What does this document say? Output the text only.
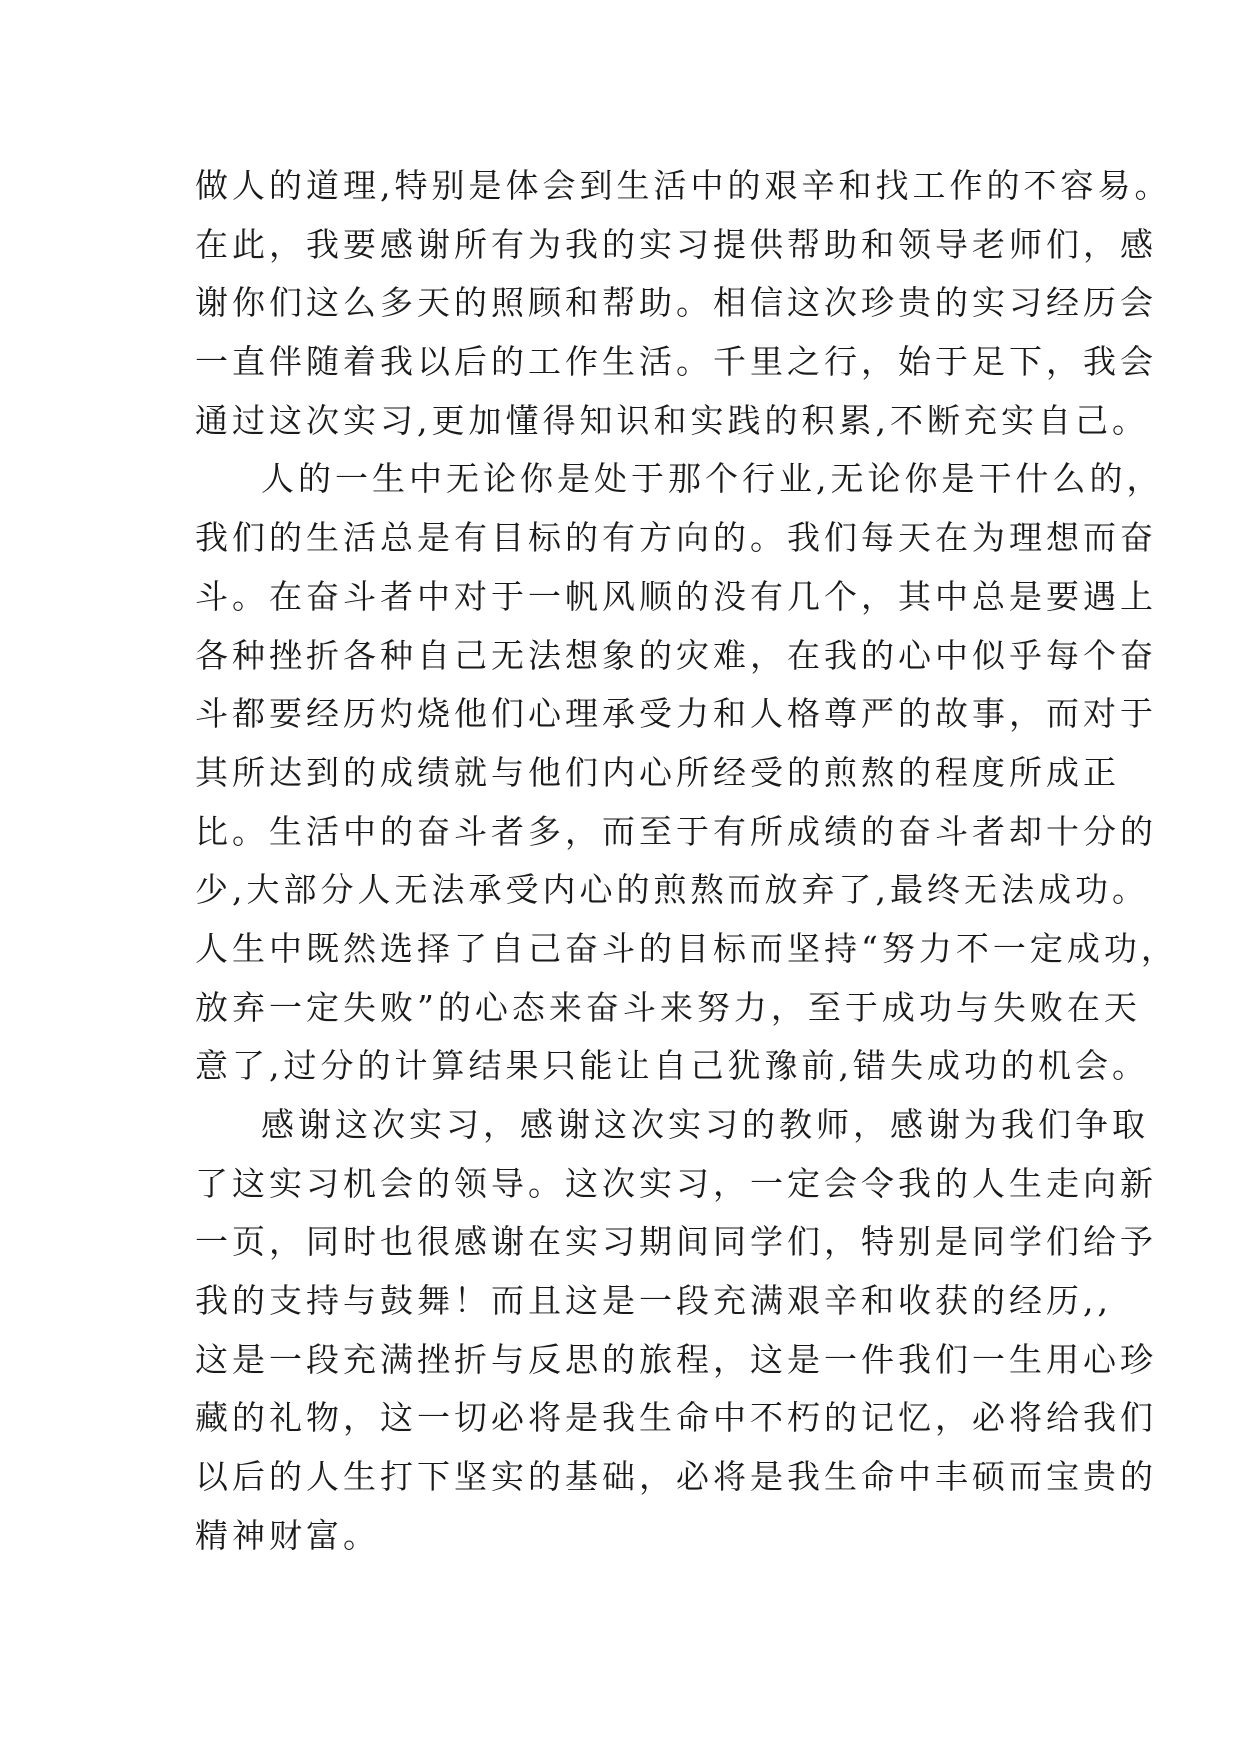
做人的道理,特别是体会到生活中的艰辛和找工作的不容易。
在此，我要感谢所有为我的实习提供帮助和领导老师们，感
谢你们这么多天的照顾和帮助。相信这次珍贵的实习经历会
一直伴随着我以后的工作生活。千里之行，始于足下，我会
通过这次实习,更加懂得知识和实践的积累,不断充实自己。
人的一生中无论你是处于那个行业,无论你是干什么的，
我们的生活总是有目标的有方向的。我们每天在为理想而奋
斗。在奋斗者中对于一帆风顺的没有几个，其中总是要遇上
各种挫折各种自己无法想象的灾难，在我的心中似乎每个奋
斗都要经历灼烧他们心理承受力和人格尊严的故事，而对于
其所达到的成绩就与他们内心所经受的煎熬的程度所成正
比。生活中的奋斗者多，而至于有所成绩的奋斗者却十分的
少,大部分人无法承受内心的煎熬而放弃了,最终无法成功。
人生中既然选择了自己奋斗的目标而坚持“努力不一定成功，
放弃一定失败”的心态来奋斗来努力，至于成功与失败在天
意了,过分的计算结果只能让自己犹豫前,错失成功的机会。
感谢这次实习，感谢这次实习的教师，感谢为我们争取
了这实习机会的领导。这次实习，一定会令我的人生走向新
一页，同时也很感谢在实习期间同学们，特别是同学们给予
我的支持与鼓舞！而且这是一段充满艰辛和收获的经历,,
这是一段充满挫折与反思的旅程，这是一件我们一生用心珍
藏的礼物，这一切必将是我生命中不朽的记忆，必将给我们
以后的人生打下坚实的基础，必将是我生命中丰硕而宝贵的
精神财富。
